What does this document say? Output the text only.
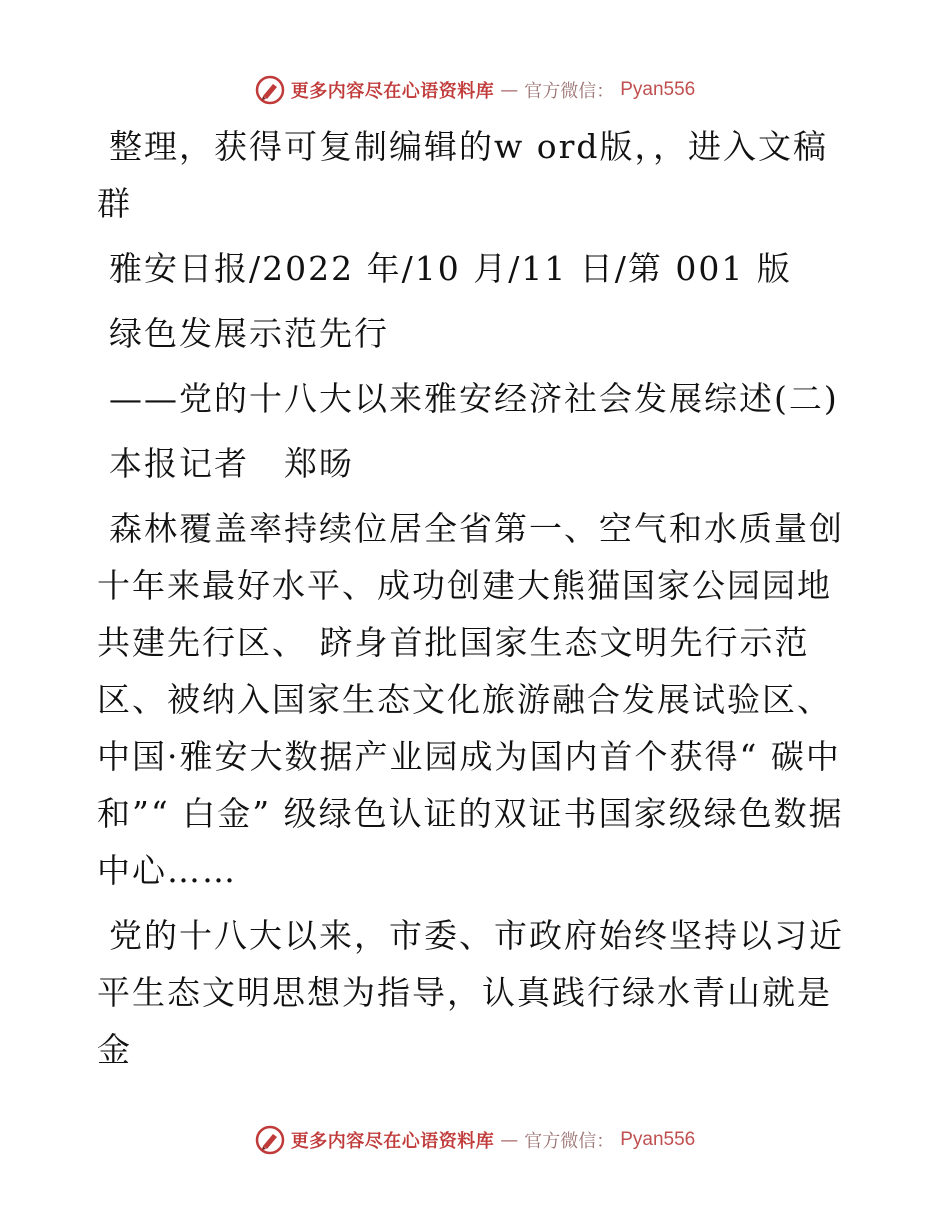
更多内容尽在心语资料库 — 官方微信： Pyan556

整理，获得可复制编辑的w ord版，，进入文稿群

雅安日报/2022 年/10 月/11 日/第 001 版

绿色发展示范先行

——党的十八大以来雅安经济社会发展综述(二)

本报记者　郑旸

森林覆盖率持续位居全省第一、空气和水质量创十年来最好水平、成功创建大熊猫国家公园园地共建先行区、 跻身首批国家生态文明先行示范区、被纳入国家生态文化旅游融合发展试验区、中国·雅安大数据产业园成为国内首个获得“ 碳中和”“ 白金” 级绿色认证的双证书国家级绿色数据中心……

党的十八大以来，市委、市政府始终坚持以习近平生态文明思想为指导，认真践行绿水青山就是金

更多内容尽在心语资料库 — 官方微信： Pyan556
